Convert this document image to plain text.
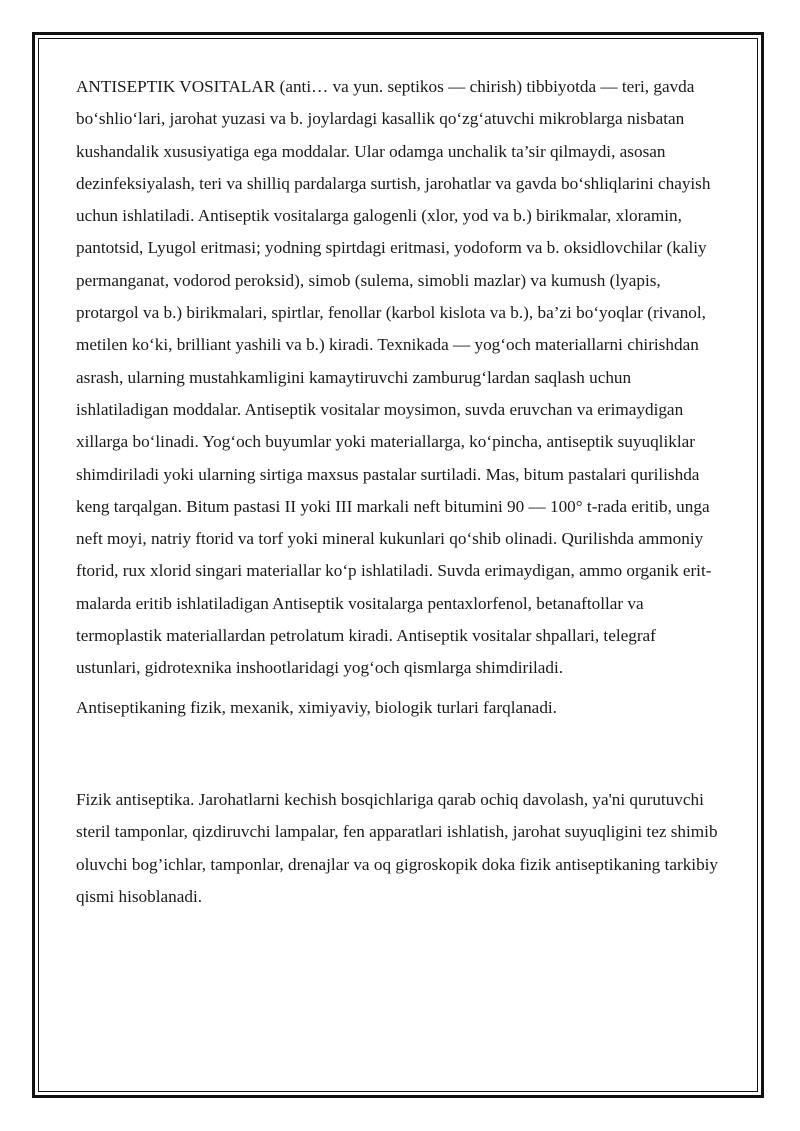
ANTISEPTIK VOSITALAR (anti… va yun. septikos — chirish) tibbiyotda — teri, gavda bo‘shlio‘lari, jarohat yuzasi va b. joylardagi kasallik qo‘zg‘atuvchi mikroblarga nisbatan kushandalik xususiyatiga ega moddalar. Ular odamga unchalik ta’sir qilmaydi, asosan dezinfeksiyalash, teri va shilliq pardalarga surtish, jarohatlar va gavda bo‘shliqlarini chayish uchun ishlatiladi. Antiseptik vositalarga galogenli (xlor, yod va b.) birikmalar, xloramin, pantotsid, Lyugol eritmasi; yodning spirtdagi eritmasi, yodoform va b. oksidlovchilar (kaliy permanganat, vodorod peroksid), simob (sulema, simobli mazlar) va kumush (lyapis, protargol va b.) birikmalari, spirtlar, fenollar (karbol kislota va b.), ba’zi bo‘yoqlar (rivanol, metilen ko‘ki, brilliant yashili va b.) kiradi. Texnikada — yog‘och materiallarni chirishdan asrash, ularning mustahkamligini kamaytiruvchi zamburug‘lardan saqlash uchun ishlatiladigan moddalar. Antiseptik vositalar moysimon, suvda eruvchan va erimaydigan xillarga bo‘linadi. Yog‘och buyumlar yoki materiallarga, ko‘pincha, antiseptik suyuqliklar shimdiriladi yoki ularning sirtiga maxsus pastalar surtiladi. Mas, bitum pastalari qurilishda keng tarqalgan. Bitum pastasi II yoki III markali neft bitumini 90 — 100° t-rada eritib, unga neft moyi, natriy ftorid va torf yoki mineral kukunlari qo‘shib olinadi. Qurilishda ammoniy ftorid, rux xlorid singari materiallar ko‘p ishlatiladi. Suvda erimaydigan, ammo organik erit-malarda eritib ishlatiladigan Antiseptik vositalarga pentaxlorfenol, betanaftollar va termoplastik materiallardan petrolatum kiradi. Antiseptik vositalar shpallari, telegraf ustunlari, gidrotexnika inshootlaridagi yog‘och qismlarga shimdiriladi.

Antiseptikaning fizik, mexanik, ximiyaviy, biologik turlari farqlanadi.

Fizik antiseptika. Jarohatlarni kechish bosqichlariga qarab ochiq davolash, ya'ni qurutuvchi steril tamponlar, qizdiruvchi lampalar, fen apparatlari ishlatish, jarohat suyuqligini tez shimib oluvchi bog’ichlar, tamponlar, drenajlar va oq gigroskopik doka fizik antiseptikaning tarkibiy qismi hisoblanadi.
